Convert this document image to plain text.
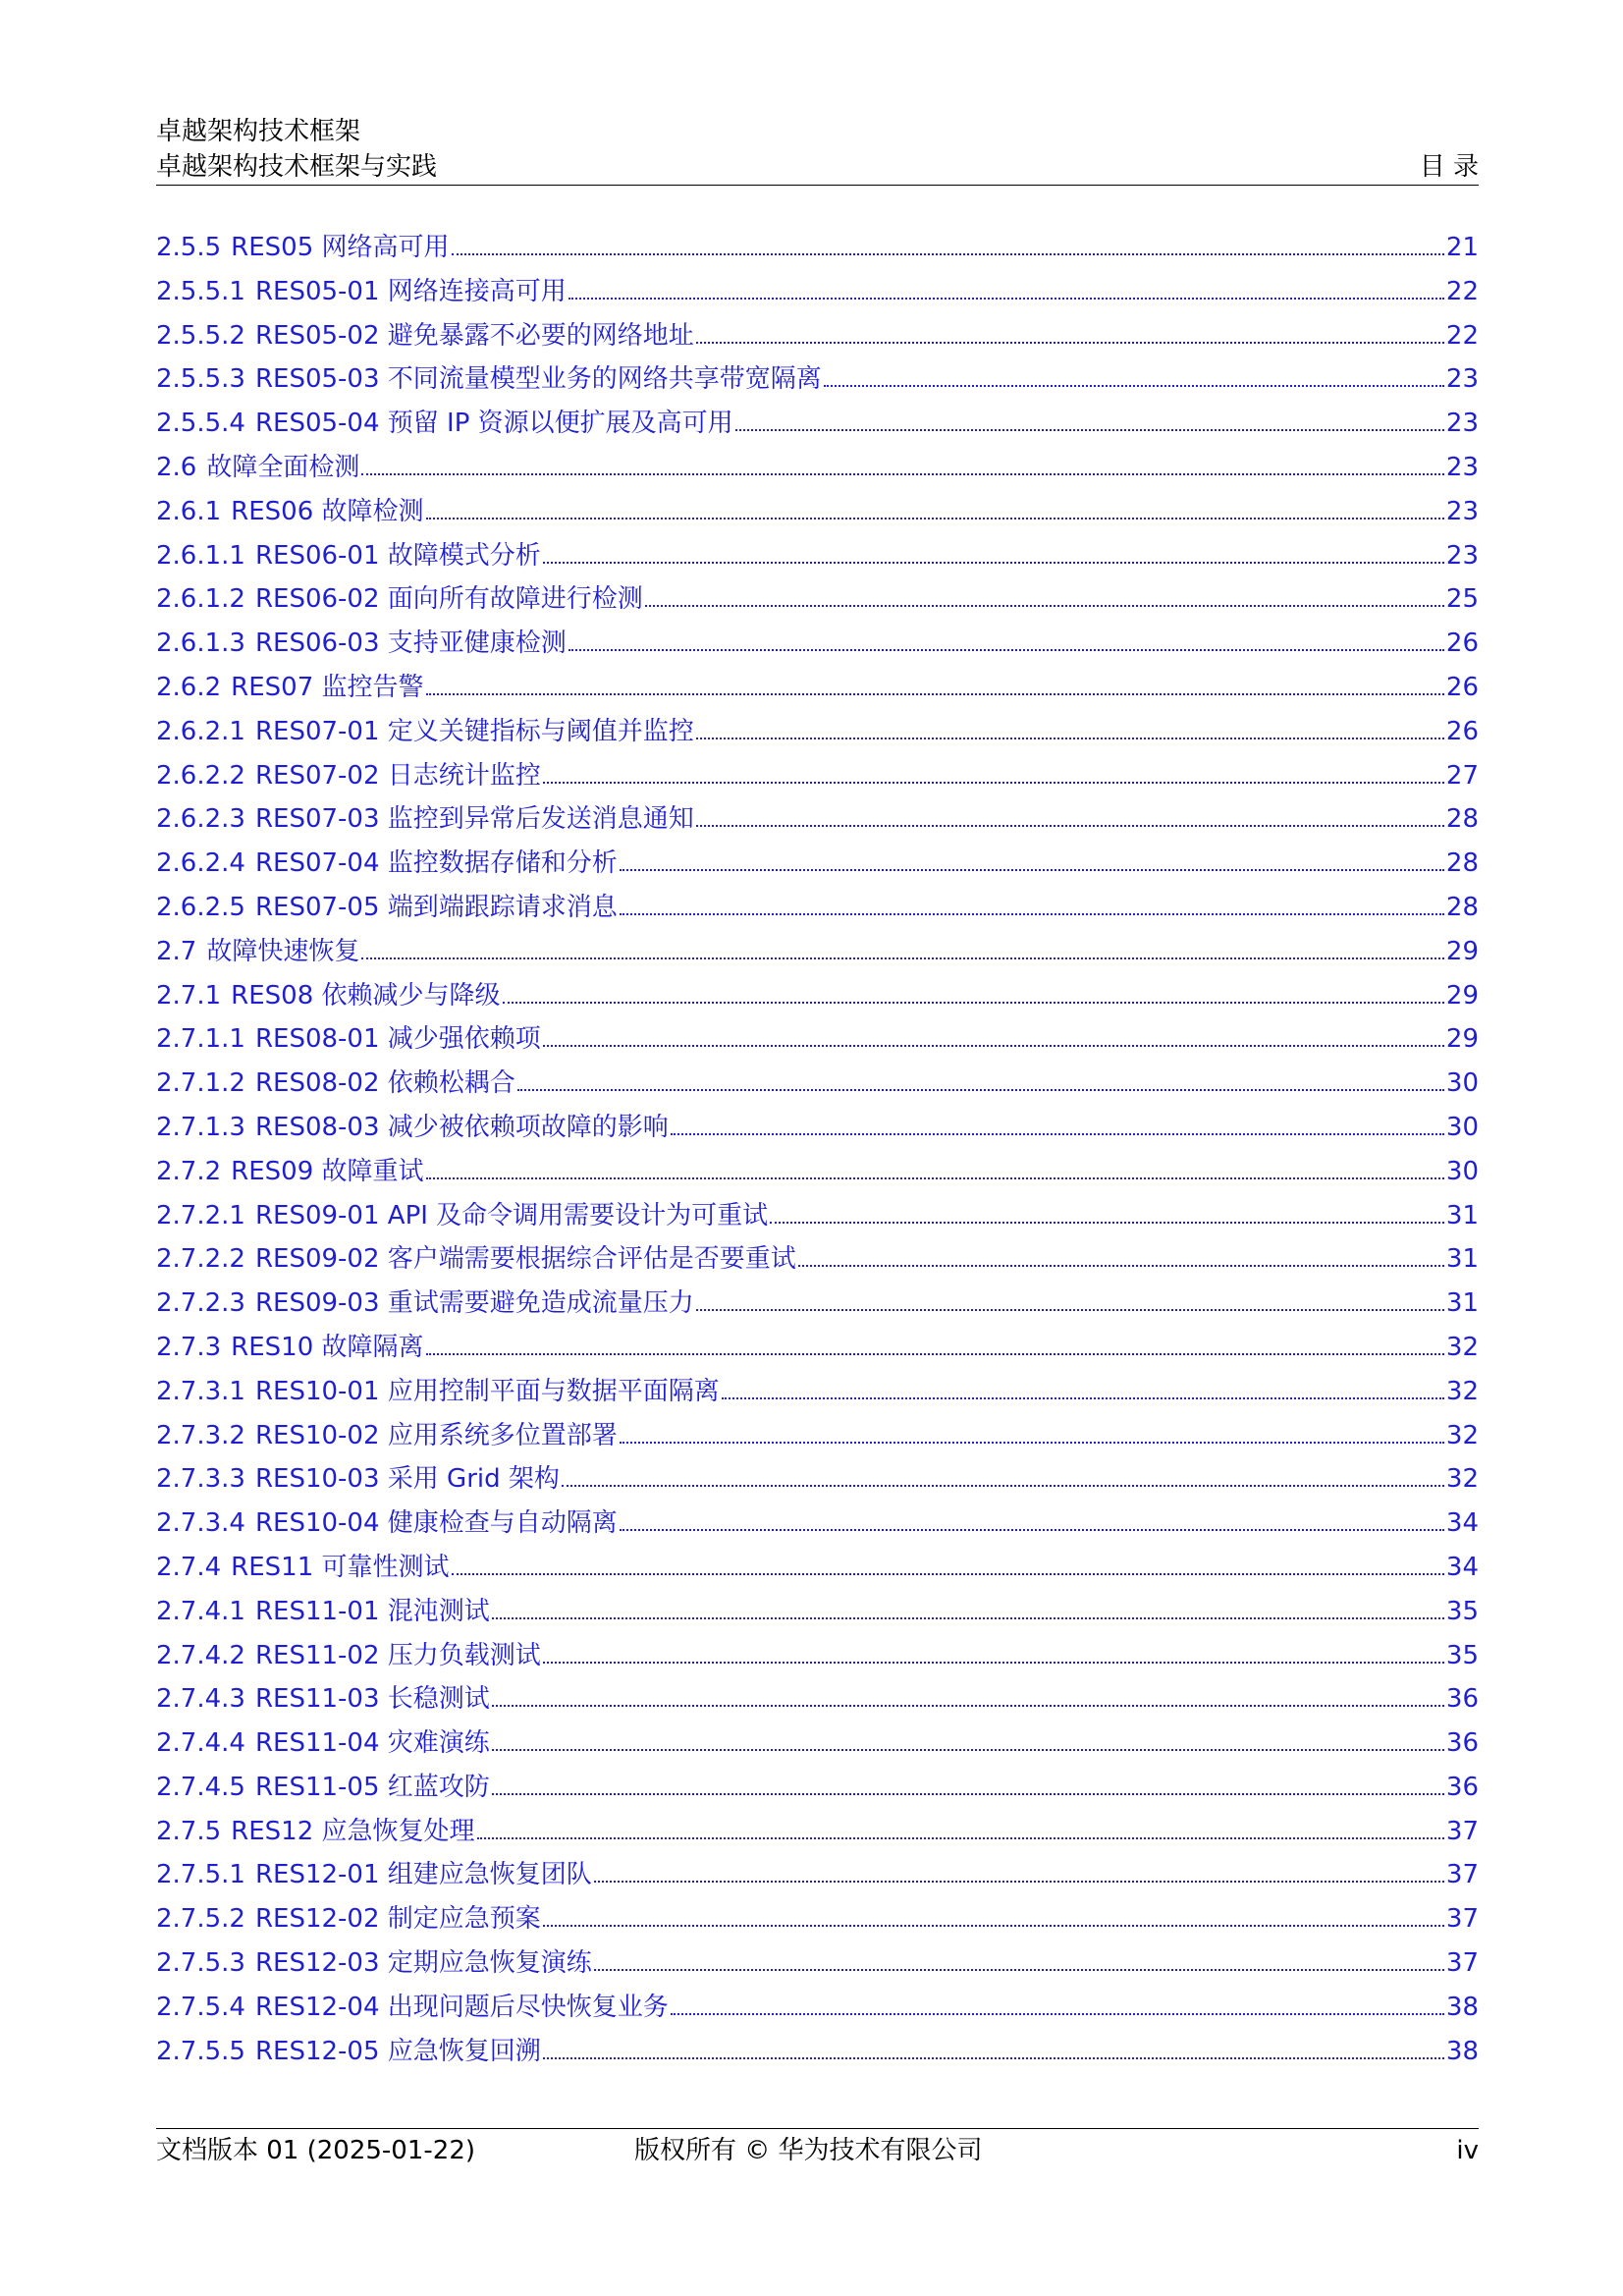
卓越架构技术框架
卓越架构技术框架与实践	目 录
2.5.5 RES05 网络高可用	21
2.5.5.1 RES05-01 网络连接高可用	22
2.5.5.2 RES05-02 避免暴露不必要的网络地址	22
2.5.5.3 RES05-03 不同流量模型业务的网络共享带宽隔离	23
2.5.5.4 RES05-04 预留 IP 资源以便扩展及高可用	23
2.6 故障全面检测	23
2.6.1 RES06 故障检测	23
2.6.1.1 RES06-01 故障模式分析	23
2.6.1.2 RES06-02 面向所有故障进行检测	25
2.6.1.3 RES06-03 支持亚健康检测	26
2.6.2 RES07 监控告警	26
2.6.2.1 RES07-01 定义关键指标与阈值并监控	26
2.6.2.2 RES07-02 日志统计监控	27
2.6.2.3 RES07-03 监控到异常后发送消息通知	28
2.6.2.4 RES07-04 监控数据存储和分析	28
2.6.2.5 RES07-05 端到端跟踪请求消息	28
2.7 故障快速恢复	29
2.7.1 RES08 依赖减少与降级	29
2.7.1.1 RES08-01 减少强依赖项	29
2.7.1.2 RES08-02 依赖松耦合	30
2.7.1.3 RES08-03 减少被依赖项故障的影响	30
2.7.2 RES09 故障重试	30
2.7.2.1 RES09-01 API 及命令调用需要设计为可重试	31
2.7.2.2 RES09-02 客户端需要根据综合评估是否要重试	31
2.7.2.3 RES09-03 重试需要避免造成流量压力	31
2.7.3 RES10 故障隔离	32
2.7.3.1 RES10-01 应用控制平面与数据平面隔离	32
2.7.3.2 RES10-02 应用系统多位置部署	32
2.7.3.3 RES10-03 采用 Grid 架构	32
2.7.3.4 RES10-04 健康检查与自动隔离	34
2.7.4 RES11 可靠性测试	34
2.7.4.1 RES11-01 混沌测试	35
2.7.4.2 RES11-02 压力负载测试	35
2.7.4.3 RES11-03 长稳测试	36
2.7.4.4 RES11-04 灾难演练	36
2.7.4.5 RES11-05 红蓝攻防	36
2.7.5 RES12 应急恢复处理	37
2.7.5.1 RES12-01 组建应急恢复团队	37
2.7.5.2 RES12-02 制定应急预案	37
2.7.5.3 RES12-03 定期应急恢复演练	37
2.7.5.4 RES12-04 出现问题后尽快恢复业务	38
2.7.5.5 RES12-05 应急恢复回溯	38
文档版本 01 (2025-01-22)	版权所有 © 华为技术有限公司	iv
